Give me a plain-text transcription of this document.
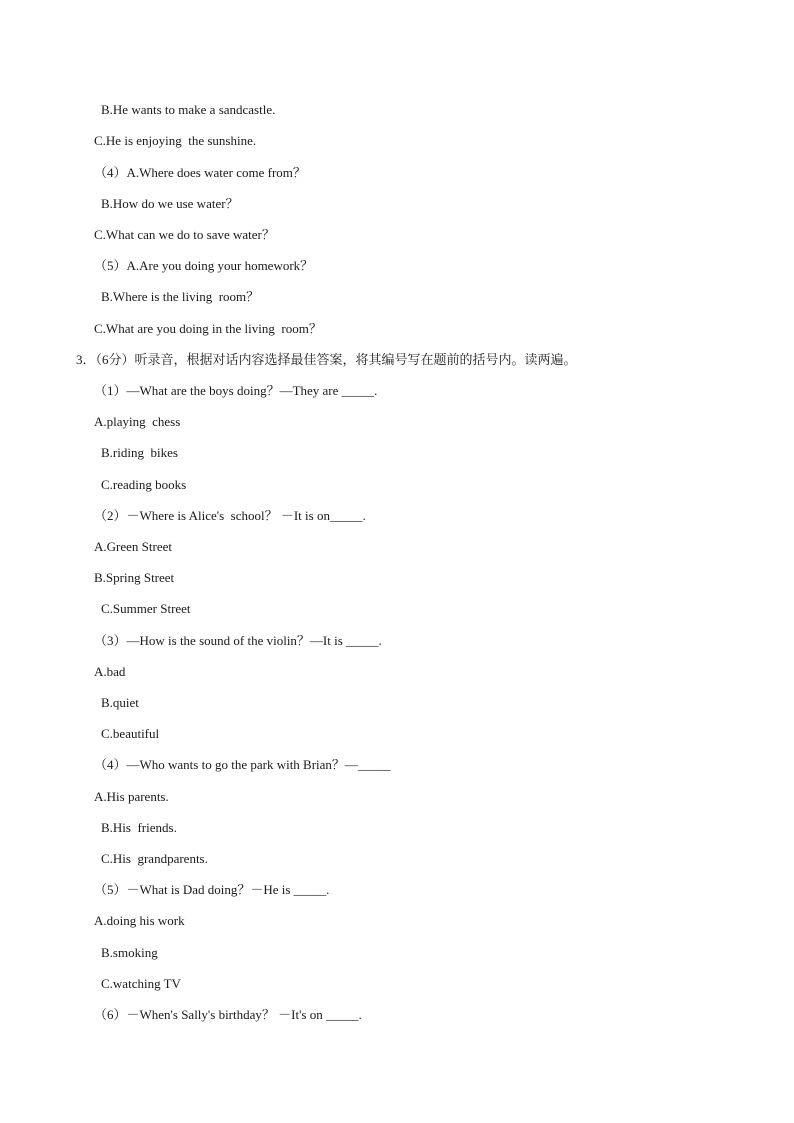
B.He wants to make a sandcastle.
C.He is enjoying  the sunshine.
（4）A.Where does water come from？
B.How do we use water？
C.What can we do to save water？
（5）A.Are you doing your homework？
B.Where is the living  room？
C.What are you doing in the living  room？
3．（6分）听录音，根据对话内容选择最佳答案，将其编号写在题前的括号内。读两遍。
（1）—What are the boys doing？—They are _____.
A.playing  chess
B.riding  bikes
C.reading books
（2）－Where is Alice's  school？ －It is on_____.
A.Green Street
B.Spring Street
C.Summer Street
（3）—How is the sound of the violin？—It is _____.
A.bad
B.quiet
C.beautiful
（4）—Who wants to go the park with Brian？—_____
A.His parents.
B.His  friends.
C.His  grandparents.
（5）－What is Dad doing？－He is _____.
A.doing his work
B.smoking
C.watching TV
（6）－When's Sally's birthday？ －It's on _____.
